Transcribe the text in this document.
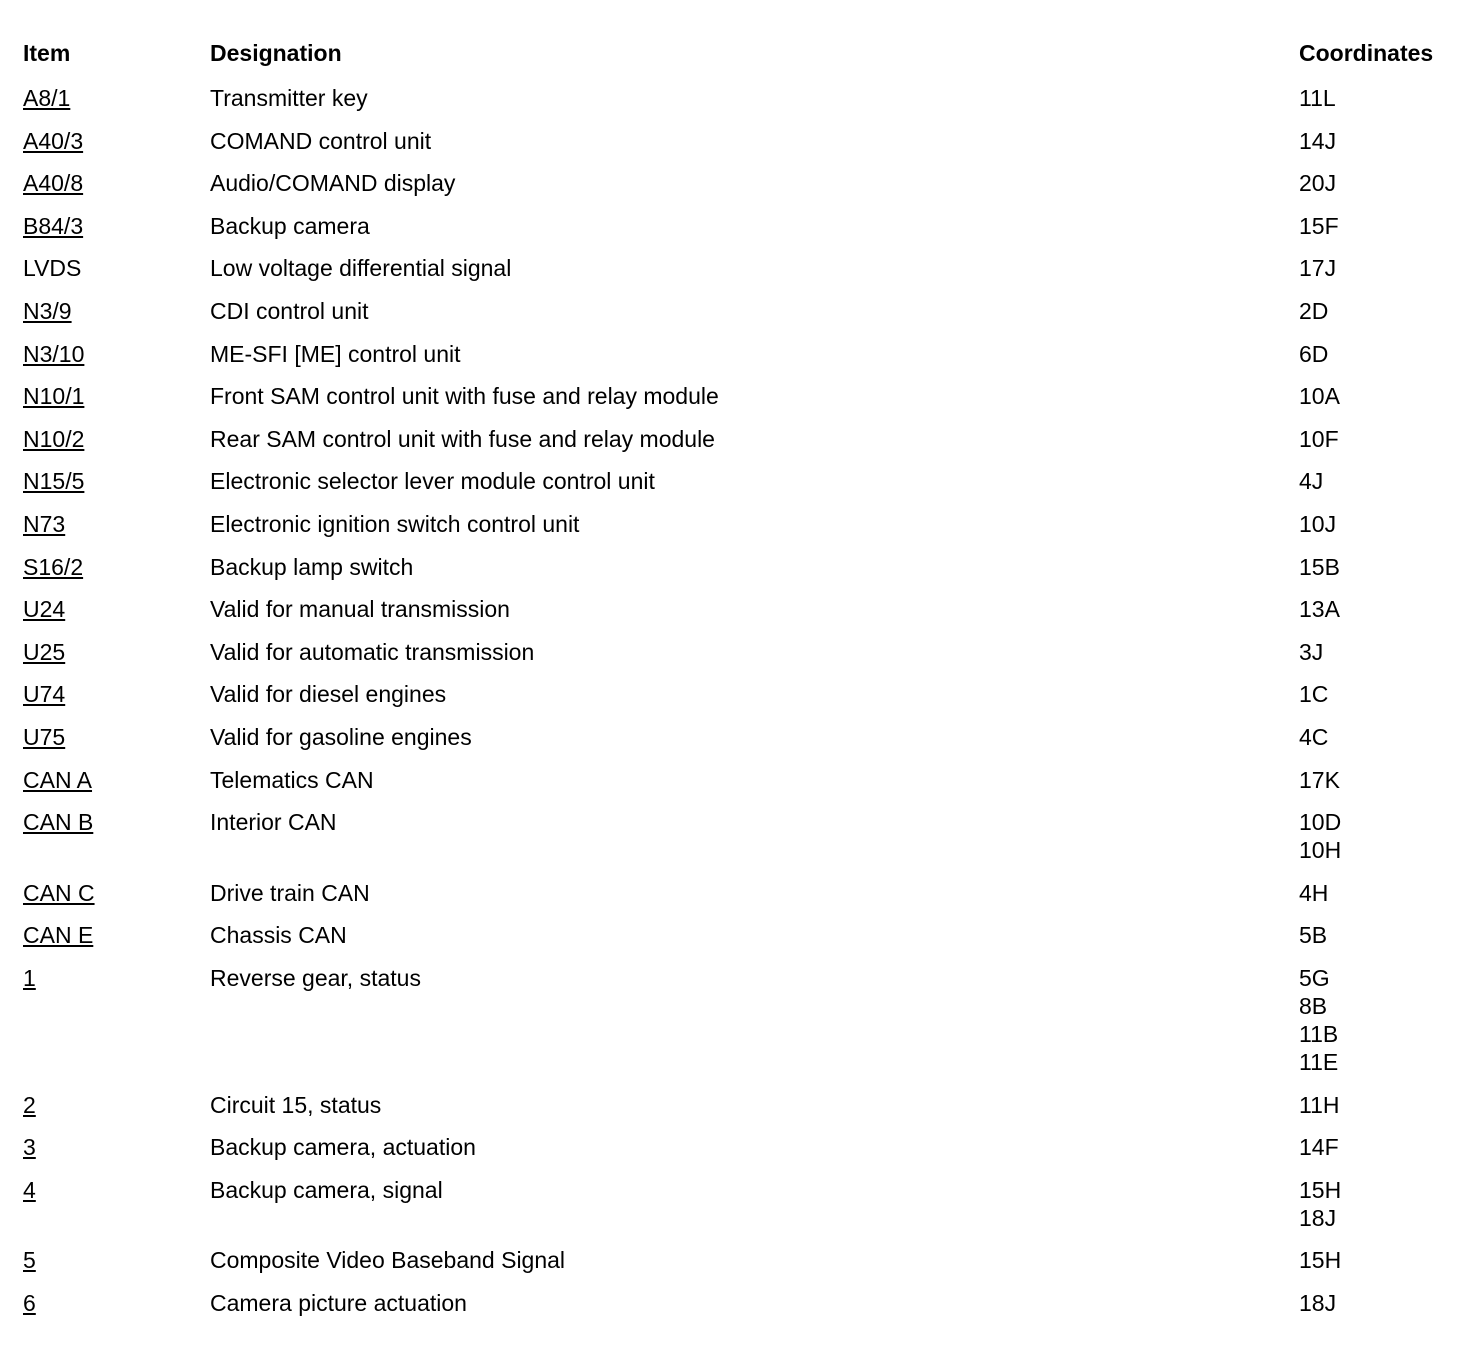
Item	Designation	Coordinates
A8/1	Transmitter key	11L
A40/3	COMAND control unit	14J
A40/8	Audio/COMAND display	20J
B84/3	Backup camera	15F
LVDS	Low voltage differential signal	17J
N3/9	CDI control unit	2D
N3/10	ME-SFI [ME] control unit	6D
N10/1	Front SAM control unit with fuse and relay module	10A
N10/2	Rear SAM control unit with fuse and relay module	10F
N15/5	Electronic selector lever module control unit	4J
N73	Electronic ignition switch control unit	10J
S16/2	Backup lamp switch	15B
U24	Valid for manual transmission	13A
U25	Valid for automatic transmission	3J
U74	Valid for diesel engines	1C
U75	Valid for gasoline engines	4C
CAN A	Telematics CAN	17K
CAN B	Interior CAN	10D
10H
CAN C	Drive train CAN	4H
CAN E	Chassis CAN	5B
1	Reverse gear, status	5G
8B
11B
11E
2	Circuit 15, status	11H
3	Backup camera, actuation	14F
4	Backup camera, signal	15H
18J
5	Composite Video Baseband Signal	15H
6	Camera picture actuation	18J
